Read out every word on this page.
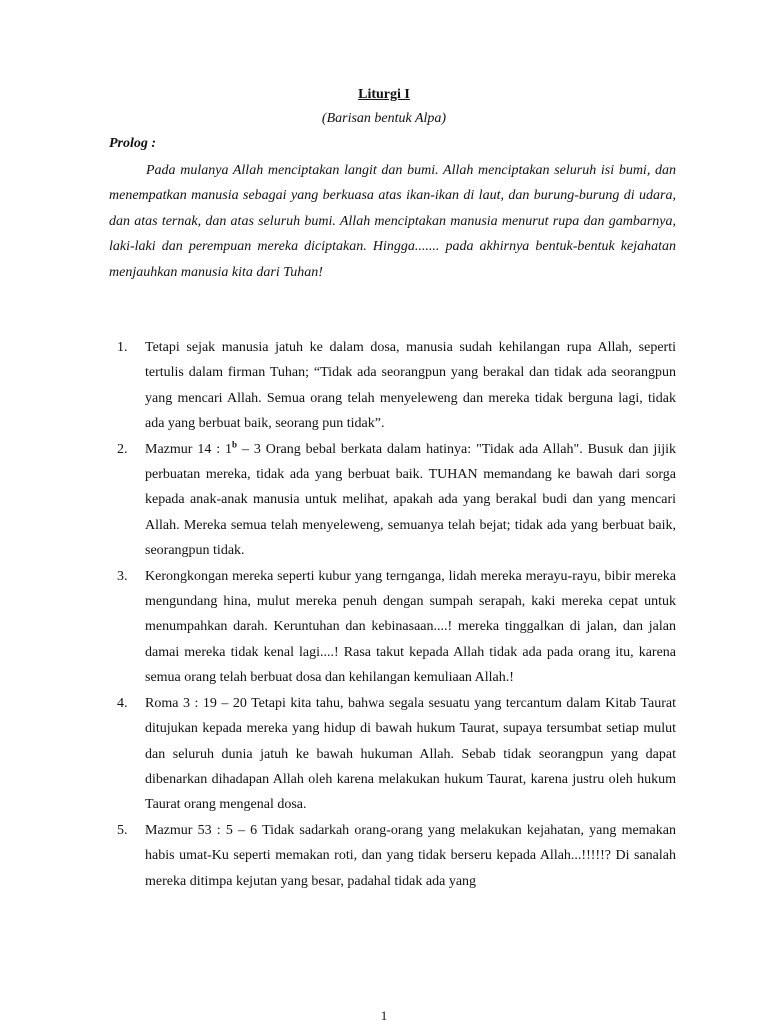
Liturgi I
(Barisan bentuk Alpa)
Prolog :

Pada mulanya Allah menciptakan langit dan bumi. Allah menciptakan seluruh isi bumi, dan menempatkan manusia sebagai yang berkuasa atas ikan-ikan di laut, dan burung-burung di udara, dan atas ternak, dan atas seluruh bumi. Allah menciptakan manusia menurut rupa dan gambarnya, laki-laki dan perempuan mereka diciptakan. Hingga....... pada akhirnya bentuk-bentuk kejahatan menjauhkan manusia kita dari Tuhan!

1. Tetapi sejak manusia jatuh ke dalam dosa, manusia sudah kehilangan rupa Allah, seperti tertulis dalam firman Tuhan; “Tidak ada seorangpun yang berakal dan tidak ada seorangpun yang mencari Allah. Semua orang telah menyeleweng dan mereka tidak berguna lagi, tidak ada yang berbuat baik, seorang pun tidak”.
2. Mazmur 14 : 1$^b$ – 3 Orang bebal berkata dalam hatinya: "Tidak ada Allah". Busuk dan jijik perbuatan mereka, tidak ada yang berbuat baik. TUHAN memandang ke bawah dari sorga kepada anak-anak manusia untuk melihat, apakah ada yang berakal budi dan yang mencari Allah. Mereka semua telah menyeleweng, semuanya telah bejat; tidak ada yang berbuat baik, seorangpun tidak.
3. Kerongkongan mereka seperti kubur yang ternganga, lidah mereka merayu-rayu, bibir mereka mengundang hina, mulut mereka penuh dengan sumpah serapah, kaki mereka cepat untuk menumpahkan darah. Keruntuhan dan kebinasaan....! mereka tinggalkan di jalan, dan jalan damai mereka tidak kenal lagi....! Rasa takut kepada Allah tidak ada pada orang itu, karena semua orang telah berbuat dosa dan kehilangan kemuliaan Allah.!
4. Roma 3 : 19 – 20 Tetapi kita tahu, bahwa segala sesuatu yang tercantum dalam Kitab Taurat ditujukan kepada mereka yang hidup di bawah hukum Taurat, supaya tersumbat setiap mulut dan seluruh dunia jatuh ke bawah hukuman Allah. Sebab tidak seorangpun yang dapat dibenarkan dihadapan Allah oleh karena melakukan hukum Taurat, karena justru oleh hukum Taurat orang mengenal dosa.
5. Mazmur 53 : 5 – 6 Tidak sadarkah orang-orang yang melakukan kejahatan, yang memakan habis umat-Ku seperti memakan roti, dan yang tidak berseru kepada Allah...!!!!!? Di sanalah mereka ditimpa kejutan yang besar, padahal tidak ada yang
1
